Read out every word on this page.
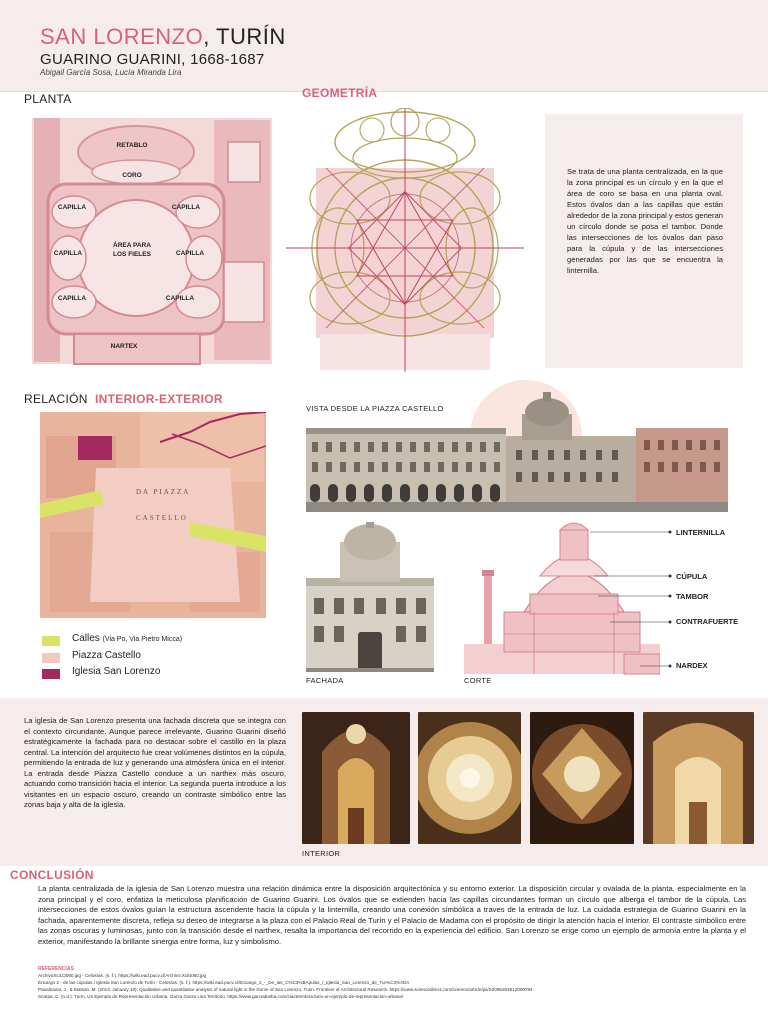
SAN LORENZO, TURÍN
GUARINO GUARINI, 1668-1687
Abigail García Sosa, Lucía Miranda Lira
PLANTA
RETABLO
CORO
CAPILLA	CAPILLA
CAPILLA	CAPILLA
CAPILLA	CAPILLA
ÁREA PARA
LOS FIELES
NARTEX
GEOMETRÍA

Se trata de una planta centralizada, en la que la zona principal es un círculo y en la que el área de coro se basa en una planta oval. Estos óvalos dan a las capillas que están alrededor de la zona principal y estos generan un círculo donde se posa el tambor. Donde las intersecciones de los óvalos dan paso para la cúpula y de las intersecciones generadas por las que se encuentra la linternilla.

RELACIÓN INTERIOR-EXTERIOR
DA PIAZZA
CASTELLO
Calles (Via Po, Via Pietro Micca)
Piazza Castello
Iglesia San Lorenzo
VISTA DESDE LA PIAZZA CASTELLO
FACHADA
LINTERNILLA
CÚPULA
TAMBOR
CONTRAFUERTE
NARDEX
CORTE
La iglesia de San Lorenzo presenta una fachada discreta que se integra con el contexto circundante. Aunque parece irrelevante, Guarino Guarini diseñó estratégicamente la fachada para no destacar sobre el castillo en la plaza central. La intención del arquitecto fue crear volúmenes distintos en la cúpula, permitiendo la entrada de luz y generando una atmósfera única en el interior. La entrada desde Piazza Castello conduce a un narthex más oscuro, actuando como transición hacia el interior. La segunda puerta introduce a los visitantes en un espacio oscuro, creando un contraste simbólico entre las zonas baja y alta de la iglesia.
INTERIOR
CONCLUSIÓN
La planta centralizada de la iglesia de San Lorenzo muestra una relación dinámica entre la disposición arquitectónica y su entorno exterior. La disposición circular y ovalada de la planta, especialmente en la zona principal y el coro, enfatiza la meticulosa planificación de Guarino Guarini. Los óvalos que se extienden hacia las capillas circundantes forman un círculo que alberga el tambor de la cúpula. Las intersecciones de estos óvalos guían la estructura ascendente hacia la cúpula y la linternilla, creando una conexión simbólica a traves de la entrada de luz. La cuidada estrategia de Guarino Guarini en la fachada, aparentemente discreta, refleja su deseo de integrarse a la plaza con el Palacio Real de Turín y el Palacio de Madama con el propósito de dirigir la atención hacia el interior. El contraste simbólico entre las zonas oscuras y luminosas, junto con la transición desde el narthex, resalta la importancia del recorrido en la experiencia del edificio. San Lorenzo se erige como un ejemplo de armonía entre la planta y el exterior, manifestando la brillante sinergia entre forma, luz y simbolismo.
REFERENCIAS
ArchivoXULO060.jpg - Celosías. (s. f.). https://wiki.ead.pucv.cl/Archivo:Xulo060.jpg
Encargo 2 - de las cúpulas / Iglesia San Lorenzo de Turín - Celosías. (s. f.). https://wiki.ead.pucv.cl/Encargo_2_-_De_las_C%C3%BApulas_/_Iglesia_San_Lorenzo_de_Tur%C3%ADn
Panahiazar, J., & Matsan, M. (2013, January 19). Qualitative and quantitative analysis of natural light in the Dome of San Lorenzo, Turin. Frontiers of Architectural Research. https://www.sciencedirect.com/science/article/pii/S2095263512000784
Scarpa, C. (n.d.). Turín, Un Ejemplo de Representación Urbana. Garza Garza Lisa Territorio. https://www.garciabarba.com/ciactermbria-turin-un-ejemplo-de-representacion-urbana/
